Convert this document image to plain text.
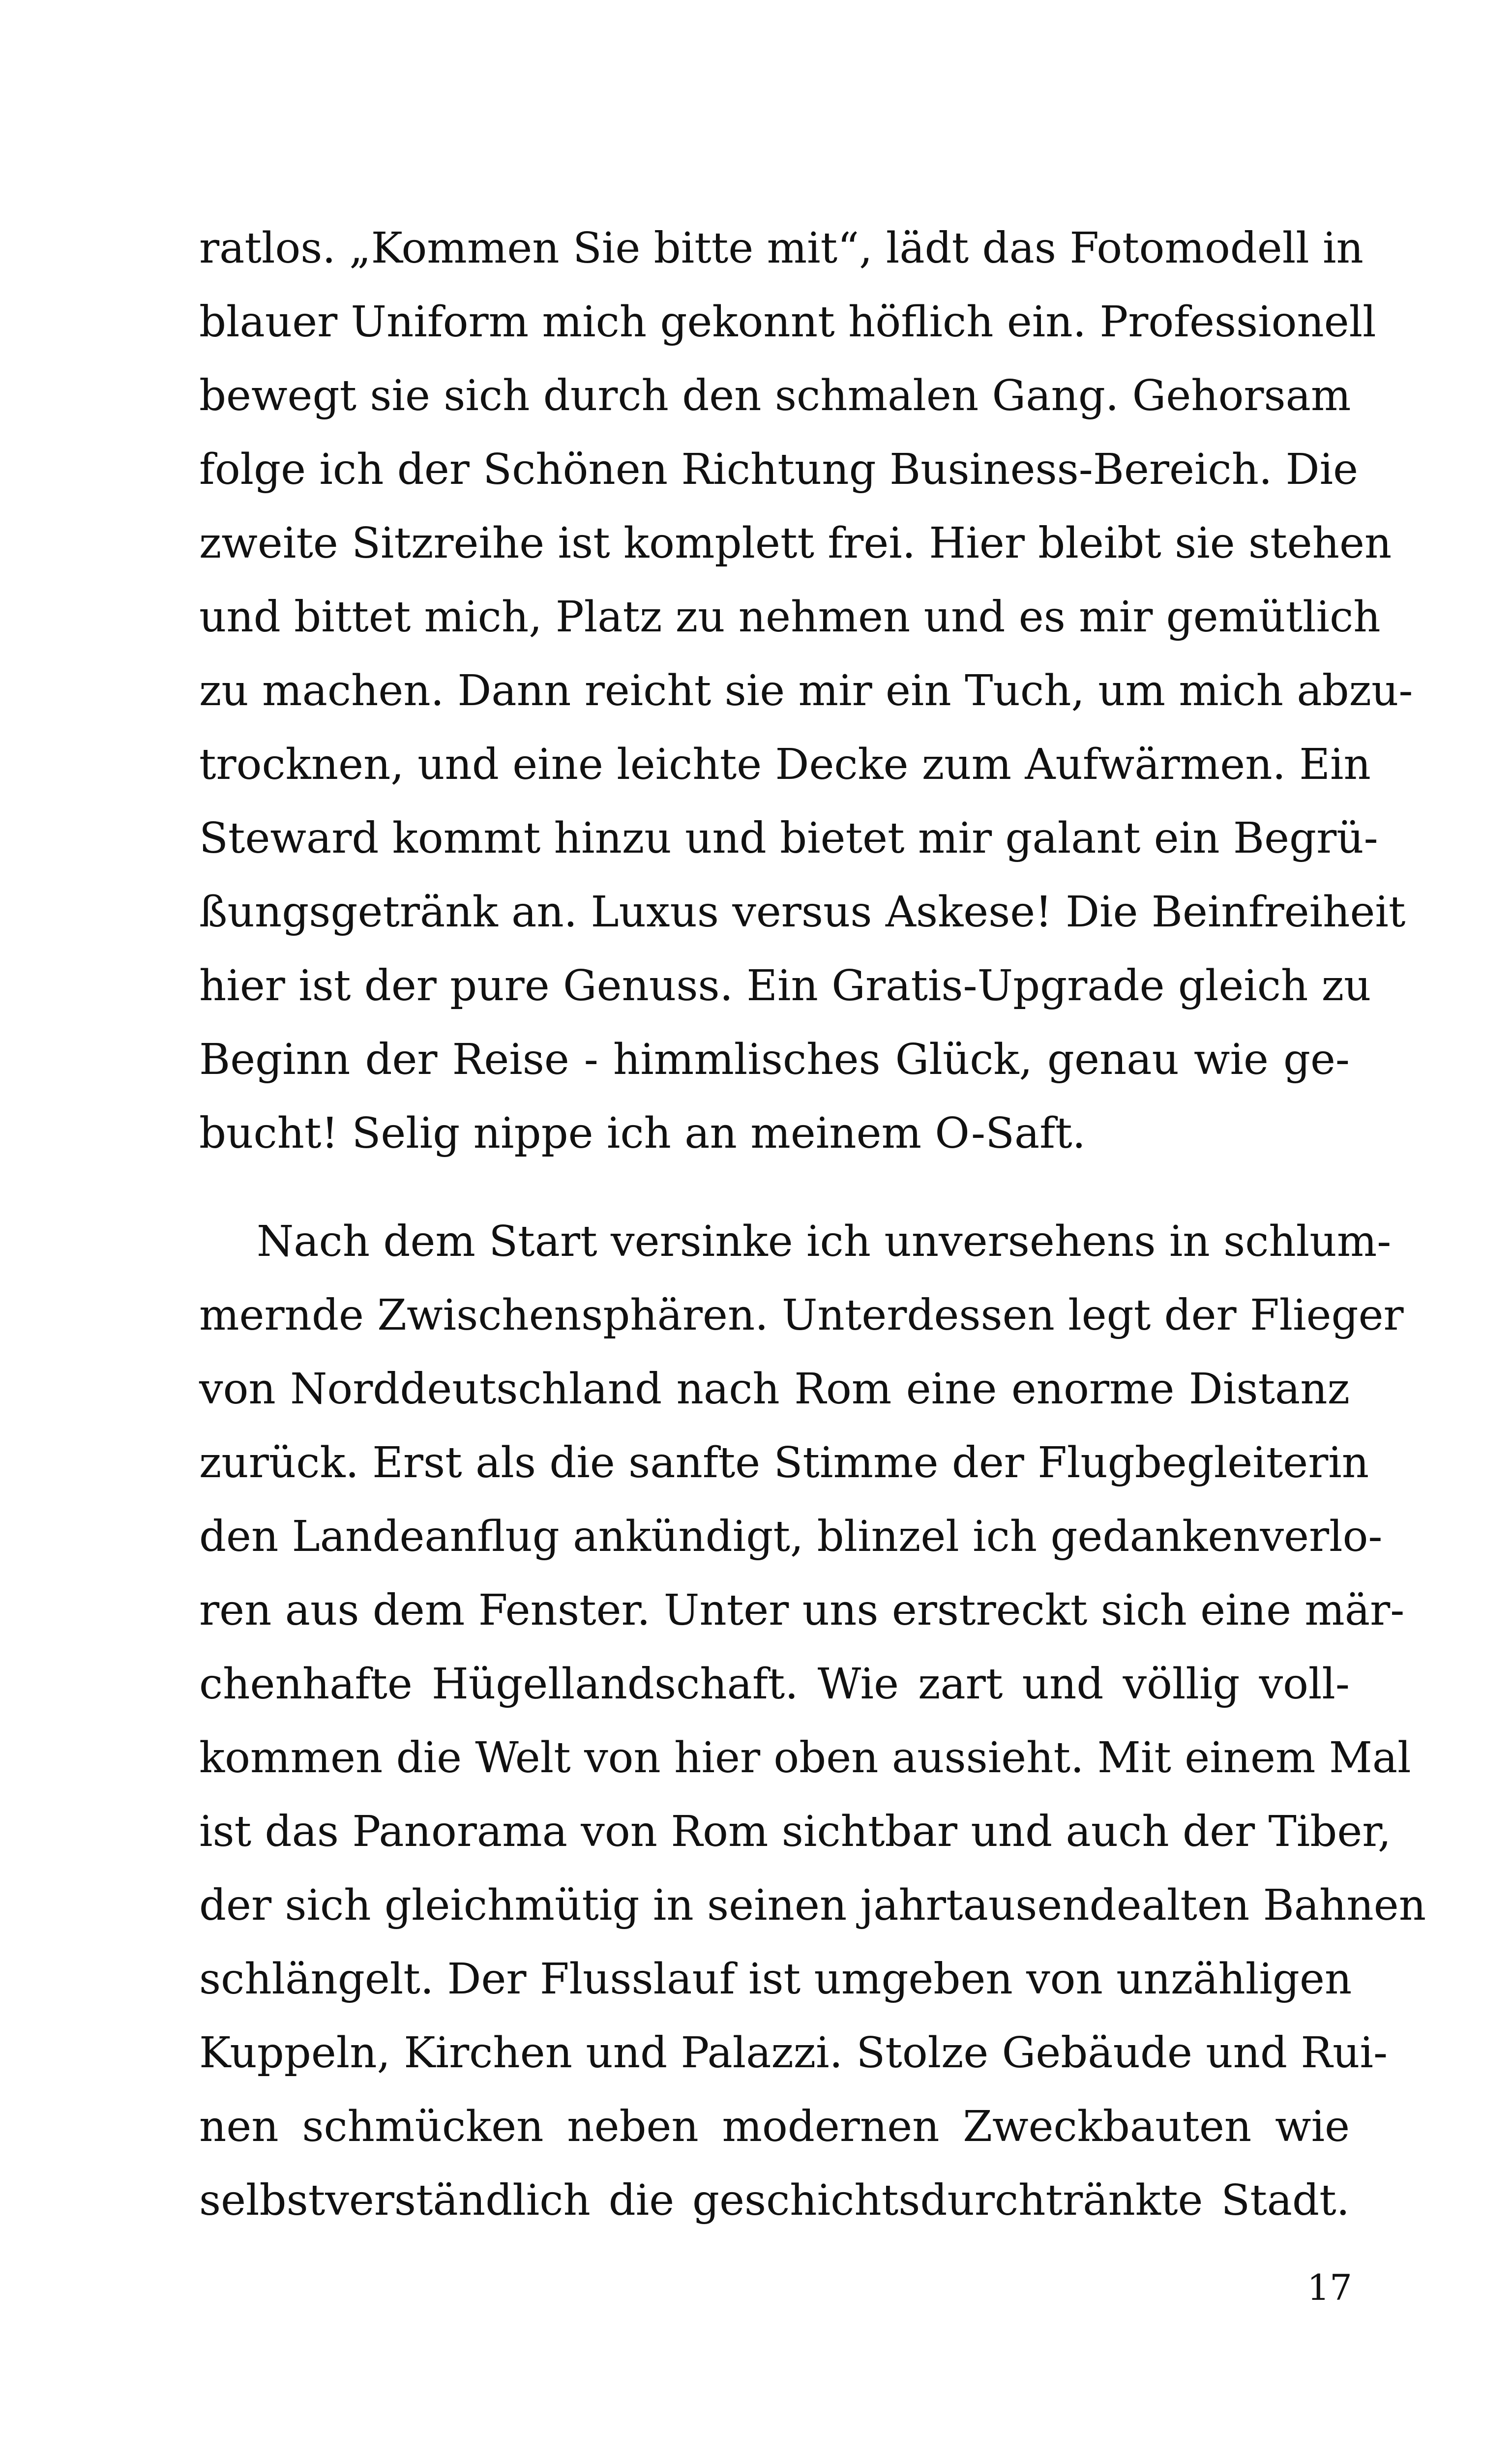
ratlos. „Kommen Sie bitte mit“, lädt das Fotomodell in
blauer Uniform mich gekonnt höflich ein. Professionell
bewegt sie sich durch den schmalen Gang. Gehorsam
folge ich der Schönen Richtung Business-Bereich. Die
zweite Sitzreihe ist komplett frei. Hier bleibt sie stehen
und bittet mich, Platz zu nehmen und es mir gemütlich
zu machen. Dann reicht sie mir ein Tuch, um mich abzu-
trocknen, und eine leichte Decke zum Aufwärmen. Ein
Steward kommt hinzu und bietet mir galant ein Begrü-
ßungsgetränk an. Luxus versus Askese! Die Beinfreiheit
hier ist der pure Genuss. Ein Gratis-Upgrade gleich zu
Beginn der Reise - himmlisches Glück, genau wie ge-
bucht! Selig nippe ich an meinem O-Saft.
Nach dem Start versinke ich unversehens in schlum-
mernde Zwischensphären. Unterdessen legt der Flieger
von Norddeutschland nach Rom eine enorme Distanz
zurück. Erst als die sanfte Stimme der Flugbegleiterin
den Landeanflug ankündigt, blinzel ich gedankenverlo-
ren aus dem Fenster. Unter uns erstreckt sich eine mär-
chenhafte Hügellandschaft. Wie zart und völlig voll-
kommen die Welt von hier oben aussieht. Mit einem Mal
ist das Panorama von Rom sichtbar und auch der Tiber,
der sich gleichmütig in seinen jahrtausendealten Bahnen
schlängelt. Der Flusslauf ist umgeben von unzähligen
Kuppeln, Kirchen und Palazzi. Stolze Gebäude und Rui-
nen schmücken neben modernen Zweckbauten wie
selbstverständlich die geschichtsdurchtränkte Stadt.
17
